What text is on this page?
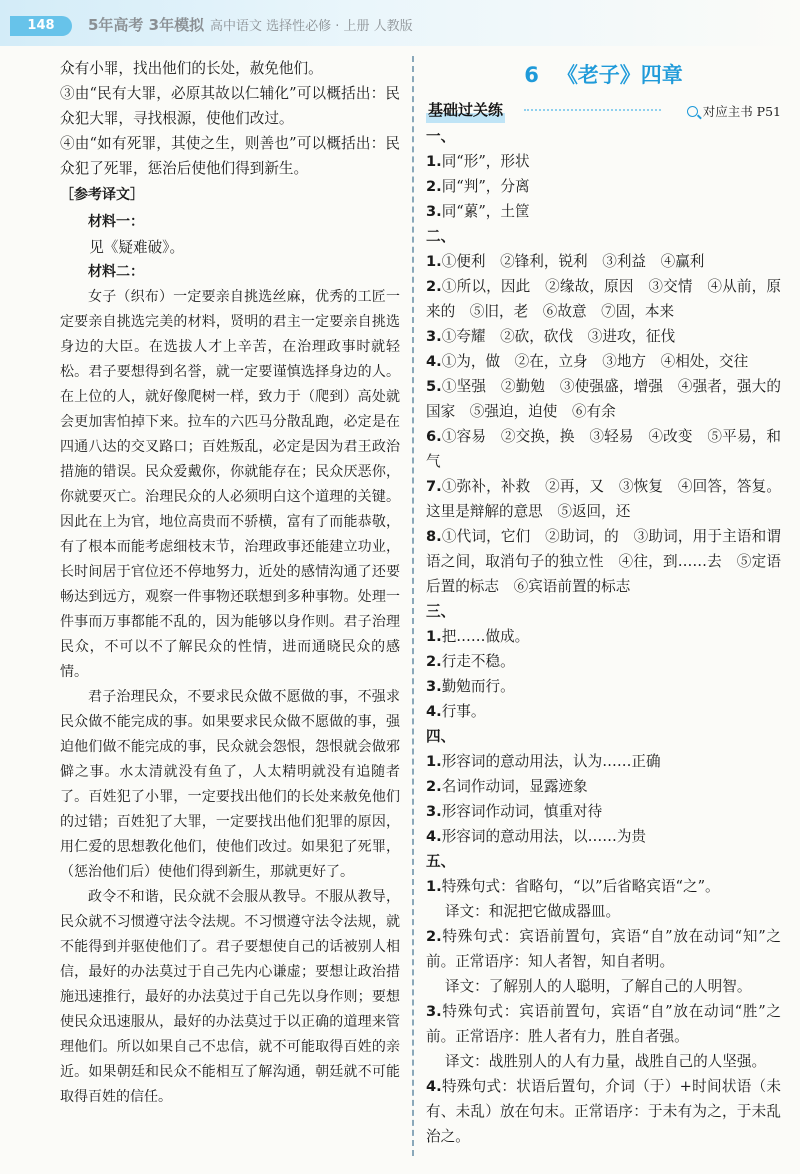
148	5年高考 3年模拟 高中语文 选择性必修 · 上册 人教版

众有小罪，找出他们的长处，赦免他们。

③由“民有大罪，必原其故以仁辅化”可以概括出：民众犯大罪，寻找根源，使他们改过。

④由“如有死罪，其使之生，则善也”可以概括出：民众犯了死罪，惩治后使他们得到新生。

［参考译文］

材料一：

见《疑难破》。

材料二：

女子（织布）一定要亲自挑选丝麻，优秀的工匠一定要亲自挑选完美的材料，贤明的君主一定要亲自挑选身边的大臣。在选拔人才上辛苦，在治理政事时就轻松。君子要想得到名誉，就一定要谨慎选择身边的人。在上位的人，就好像爬树一样，致力于（爬到）高处就会更加害怕掉下来。拉车的六匹马分散乱跑，必定是在四通八达的交叉路口；百姓叛乱，必定是因为君王政治措施的错误。民众爱戴你，你就能存在；民众厌恶你，你就要灭亡。治理民众的人必须明白这个道理的关键。因此在上为官，地位高贵而不骄横，富有了而能恭敬，有了根本而能考虑细枝末节，治理政事还能建立功业，长时间居于官位还不停地努力，近处的感情沟通了还要畅达到远方，观察一件事物还联想到多种事物。处理一件事而万事都能不乱的，因为能够以身作则。君子治理民众，不可以不了解民众的性情，进而通晓民众的感情。

君子治理民众，不要求民众做不愿做的事，不强求民众做不能完成的事。如果要求民众做不愿做的事，强迫他们做不能完成的事，民众就会怨恨，怨恨就会做邪僻之事。水太清就没有鱼了，人太精明就没有追随者了。百姓犯了小罪，一定要找出他们的长处来赦免他们的过错；百姓犯了大罪，一定要找出他们犯罪的原因，用仁爱的思想教化他们，使他们改过。如果犯了死罪，（惩治他们后）使他们得到新生，那就更好了。

政令不和谐，民众就不会服从教导。不服从教导，民众就不习惯遵守法令法规。不习惯遵守法令法规，就不能得到并驱使他们了。君子要想使自己的话被别人相信，最好的办法莫过于自己先内心谦虚；要想让政治措施迅速推行，最好的办法莫过于自己先以身作则；要想使民众迅速服从，最好的办法莫过于以正确的道理来管理他们。所以如果自己不忠信，就不可能取得百姓的亲近。如果朝廷和民众不能相互了解沟通，朝廷就不可能取得百姓的信任。

6 《老子》四章
基础过关练	对应主书 P51

一、

1.同“形”，形状

2.同“判”，分离

3.同“蔂”，土筐

二、

1.①便利　②锋利，锐利　③利益　④赢利

2.①所以，因此　②缘故，原因　③交情　④从前，原来的　⑤旧，老　⑥故意　⑦固，本来

3.①夸耀　②砍，砍伐　③进攻，征伐

4.①为，做　②在，立身　③地方　④相处，交往

5.①坚强　②勤勉　③使强盛，增强　④强者，强大的国家　⑤强迫，迫使　⑥有余

6.①容易　②交换，换　③轻易　④改变　⑤平易，和气

7.①弥补，补救　②再，又　③恢复　④回答，答复。这里是辩解的意思　⑤返回，还

8.①代词，它们　②助词，的　③助词，用于主语和谓语之间，取消句子的独立性　④往，到……去　⑤定语后置的标志　⑥宾语前置的标志

三、

1.把……做成。

2.行走不稳。

3.勤勉而行。

4.行事。

四、

1.形容词的意动用法，认为……正确

2.名词作动词，显露迹象

3.形容词作动词，慎重对待

4.形容词的意动用法，以……为贵

五、

1.特殊句式：省略句，“以”后省略宾语“之”。

译文：和泥把它做成器皿。

2.特殊句式：宾语前置句，宾语“自”放在动词“知”之前。正常语序：知人者智，知自者明。

译文：了解别人的人聪明，了解自己的人明智。

3.特殊句式：宾语前置句，宾语“自”放在动词“胜”之前。正常语序：胜人者有力，胜自者强。

译文：战胜别人的人有力量，战胜自己的人坚强。

4.特殊句式：状语后置句，介词（于）+时间状语（未有、未乱）放在句末。正常语序：于未有为之，于未乱治之。
